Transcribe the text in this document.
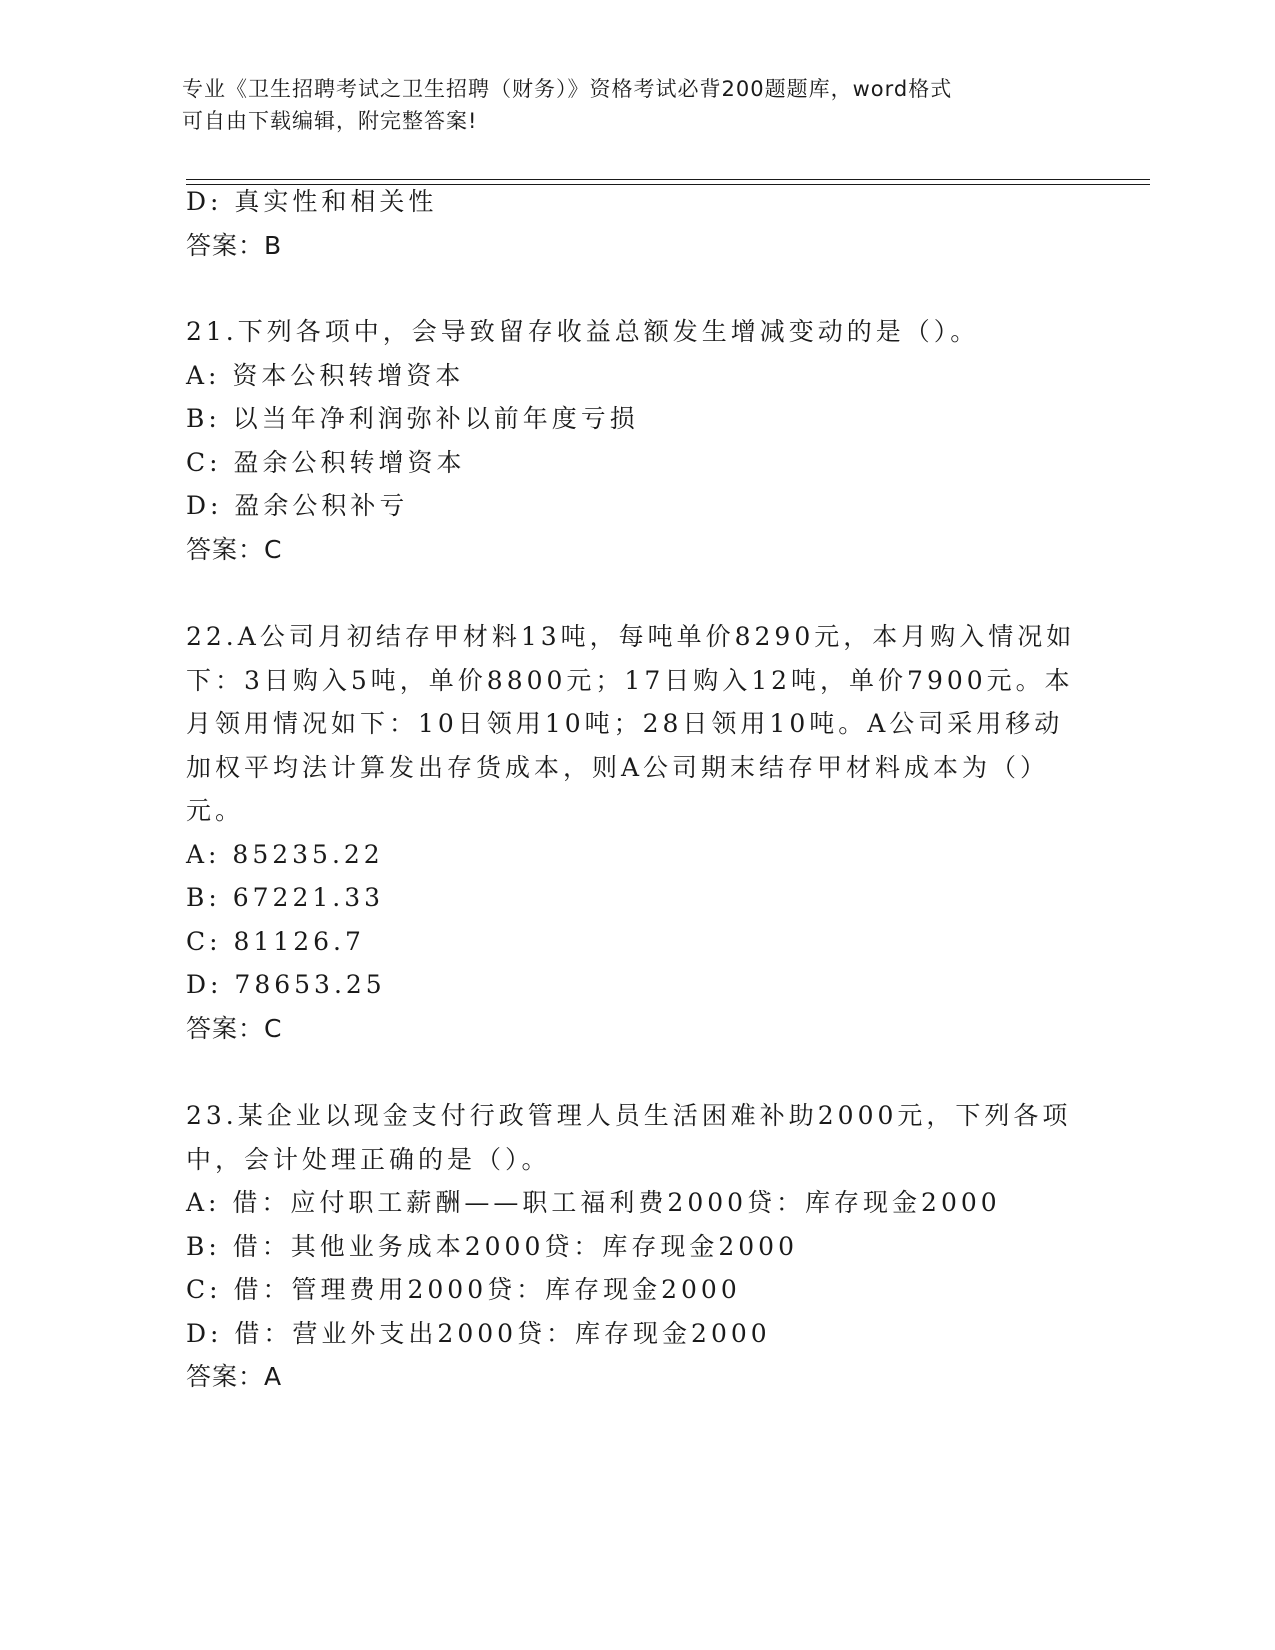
专业《卫生招聘考试之卫生招聘（财务）》资格考试必背200题题库，word格式
可自由下载编辑，附完整答案!
D: 真实性和相关性
答案：B
21.下列各项中，会导致留存收益总额发生增减变动的是（）。
A: 资本公积转增资本
B: 以当年净利润弥补以前年度亏损
C: 盈余公积转增资本
D: 盈余公积补亏
答案：C
22.A公司月初结存甲材料13吨，每吨单价8290元，本月购入情况如
下：3日购入5吨，单价8800元；17日购入12吨，单价7900元。本
月领用情况如下：10日领用10吨；28日领用10吨。A公司采用移动
加权平均法计算发出存货成本，则A公司期末结存甲材料成本为（）
元。
A: 85235.22
B: 67221.33
C: 81126.7
D: 78653.25
答案：C
23.某企业以现金支付行政管理人员生活困难补助2000元，下列各项
中，会计处理正确的是（）。
A: 借：应付职工薪酬——职工福利费2000贷：库存现金2000
B: 借：其他业务成本2000贷：库存现金2000
C: 借：管理费用2000贷：库存现金2000
D: 借：营业外支出2000贷：库存现金2000
答案：A
